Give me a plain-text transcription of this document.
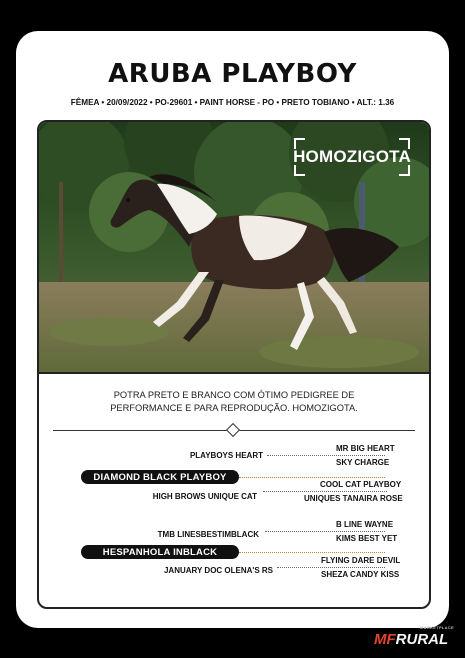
ARUBA PLAYBOY
FÊMEA • 20/09/2022 • PO-29601 • PAINT HORSE - PO • PRETO TOBIANO • ALT.: 1.36
HOMOZIGOTA
POTRA PRETO E BRANCO COM ÓTIMO PEDIGREE DE
PERFORMANCE E PARA REPRODUÇÃO. HOMOZIGOTA.
PLAYBOYS HEART
MR BIG HEART
SKY CHARGE
DIAMOND BLACK PLAYBOY
HIGH BROWS UNIQUE CAT
COOL CAT PLAYBOY
UNIQUES TANAIRA ROSE
TMB LINESBESTIMBLACK
B LINE WAYNE
KIMS BEST YET
HESPANHOLA INBLACK
JANUARY DOC OLENA'S RS
FLYING DARE DEVIL
SHEZA CANDY KISS
MARKETPLACE
MFRURAL
